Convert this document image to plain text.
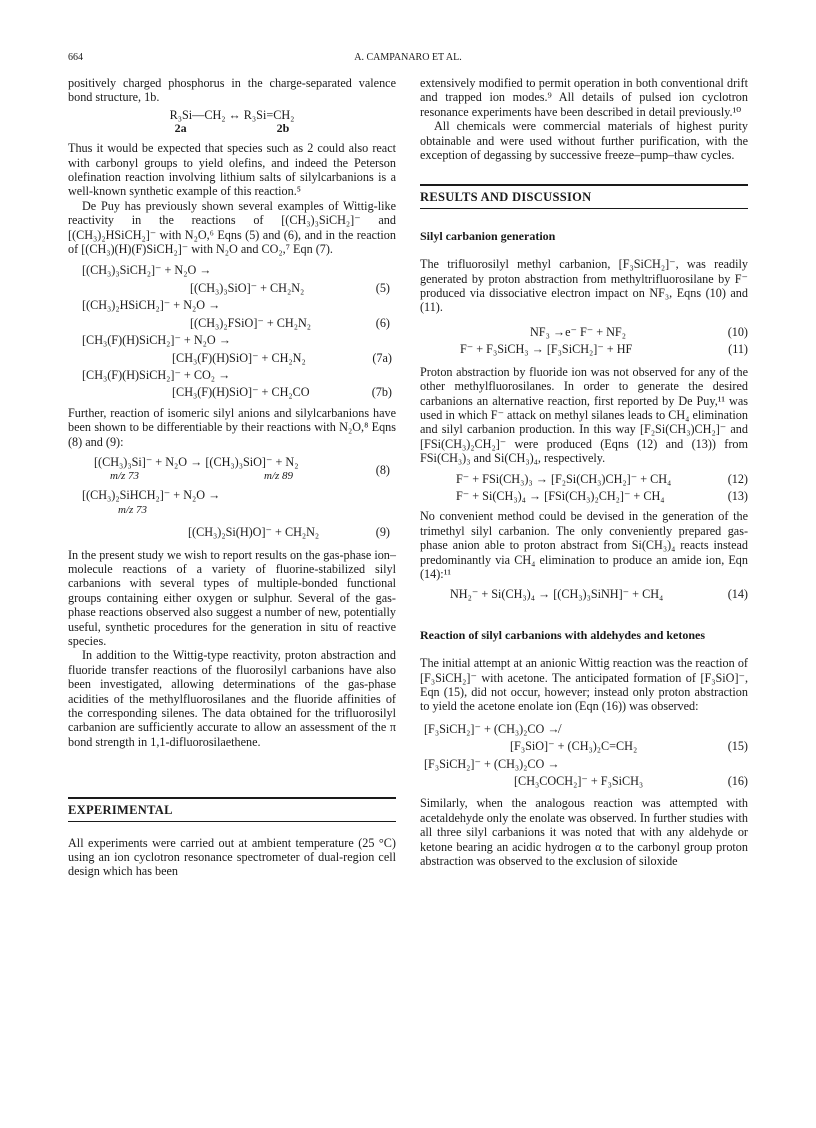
664	A. CAMPANARO ET AL.

positively charged phosphorus in the charge-separated valence bond structure, 1b.

R₃Si—CH₂ ↔ R₃Si=CH₂
2a	2b

Thus it would be expected that species such as 2 could also react with carbonyl groups to yield olefins, and indeed the Peterson olefination reaction involving lithium salts of silylcarbanions is a well-known synthetic example of this reaction.⁵

De Puy has previously shown several examples of Wittig-like reactivity in the reactions of [(CH₃)₃SiCH₂]⁻ and [(CH₃)₂HSiCH₂]⁻ with N₂O,⁶ Eqns (5) and (6), and in the reaction of [(CH₃)(H)(F)SiCH₂]⁻ with N₂O and CO₂,⁷ Eqn (7).

[(CH₃)₃SiCH₂]⁻ + N₂O →
[(CH₃)₃SiO]⁻ + CH₂N₂	(5)
[(CH₃)₂HSiCH₂]⁻ + N₂O →
[(CH₃)₂FSiO]⁻ + CH₂N₂	(6)
[CH₃(F)(H)SiCH₂]⁻ + N₂O →
[CH₃(F)(H)SiO]⁻ + CH₂N₂	(7a)
[CH₃(F)(H)SiCH₂]⁻ + CO₂ →
[CH₃(F)(H)SiO]⁻ + CH₂CO	(7b)

Further, reaction of isomeric silyl anions and silylcarbanions have been shown to be differentiable by their reactions with N₂O,⁸ Eqns (8) and (9):

[(CH₃)₃Si]⁻ + N₂O → [(CH₃)₃SiO]⁻ + N₂
(8)
m/z 73	m/z 89
[(CH₃)₂SiHCH₂]⁻ + N₂O →
m/z 73
[(CH₃)₂Si(H)O]⁻ + CH₂N₂	(9)

In the present study we wish to report results on the gas-phase ion–molecule reactions of a variety of fluorine-stabilized silyl carbanions with several types of multiple-bonded functional groups containing either oxygen or sulphur. Several of the gas-phase reactions observed also suggest a number of new, potentially useful, synthetic procedures for the generation in situ of reactive species.

In addition to the Wittig-type reactivity, proton abstraction and fluoride transfer reactions of the fluorosilyl carbanions have also been investigated, allowing determinations of the gas-phase acidities of the methylfluorosilanes and the fluoride affinities of the corresponding silenes. The data obtained for the trifluorosilyl carbanion are sufficiently accurate to allow an assessment of the π bond strength in 1,1-difluorosilaethene.

EXPERIMENTAL

All experiments were carried out at ambient temperature (25 °C) using an ion cyclotron resonance spectrometer of dual-region cell design which has been

extensively modified to permit operation in both conventional drift and trapped ion modes.⁹ All details of pulsed ion cyclotron resonance experiments have been described in detail previously.¹⁰

All chemicals were commercial materials of highest purity obtainable and were used without further purification, with the exception of degassing by successive freeze–pump–thaw cycles.

RESULTS AND DISCUSSION
Silyl carbanion generation

The trifluorosilyl methyl carbanion, [F₃SiCH₂]⁻, was readily generated by proton abstraction from methyltrifluorosilane by F⁻ produced via dissociative electron impact on NF₃, Eqns (10) and (11).

NF₃ →e⁻ F⁻ + NF₂	(10)
F⁻ + F₃SiCH₃ → [F₃SiCH₂]⁻ + HF	(11)

Proton abstraction by fluoride ion was not observed for any of the other methylfluorosilanes. In order to generate the desired carbanions an alternative reaction, first reported by De Puy,¹¹ was used in which F⁻ attack on methyl silanes leads to CH₄ elimination and silyl carbanion production. In this way [F₂Si(CH₃)CH₂]⁻ and [FSi(CH₃)₂CH₂]⁻ were produced (Eqns (12) and (13)) from FSi(CH₃)₃ and Si(CH₃)₄, respectively.

F⁻ + FSi(CH₃)₃ → [F₂Si(CH₃)CH₂]⁻ + CH₄	(12)
F⁻ + Si(CH₃)₄ → [FSi(CH₃)₂CH₂]⁻ + CH₄	(13)

No convenient method could be devised in the generation of the trimethyl silyl carbanion. The only conveniently prepared gas-phase anion able to proton abstract from Si(CH₃)₄ reacts instead predominantly via CH₄ elimination to produce an amide ion, Eqn (14):¹¹

NH₂⁻ + Si(CH₃)₄ → [(CH₃)₃SiNH]⁻ + CH₄	(14)
Reaction of silyl carbanions with aldehydes and ketones

The initial attempt at an anionic Wittig reaction was the reaction of [F₃SiCH₂]⁻ with acetone. The anticipated formation of [F₃SiO]⁻, Eqn (15), did not occur, however; instead only proton abstraction to yield the acetone enolate ion (Eqn (16)) was observed:

[F₃SiCH₂]⁻ + (CH₃)₂CO ↛
[F₃SiO]⁻ + (CH₃)₂C=CH₂	(15)
[F₃SiCH₂]⁻ + (CH₃)₂CO →
[CH₃COCH₂]⁻ + F₃SiCH₃	(16)

Similarly, when the analogous reaction was attempted with acetaldehyde only the enolate was observed. In further studies with all three silyl carbanions it was noted that with any aldehyde or ketone bearing an acidic hydrogen α to the carbonyl group proton abstraction was observed to the exclusion of siloxide
